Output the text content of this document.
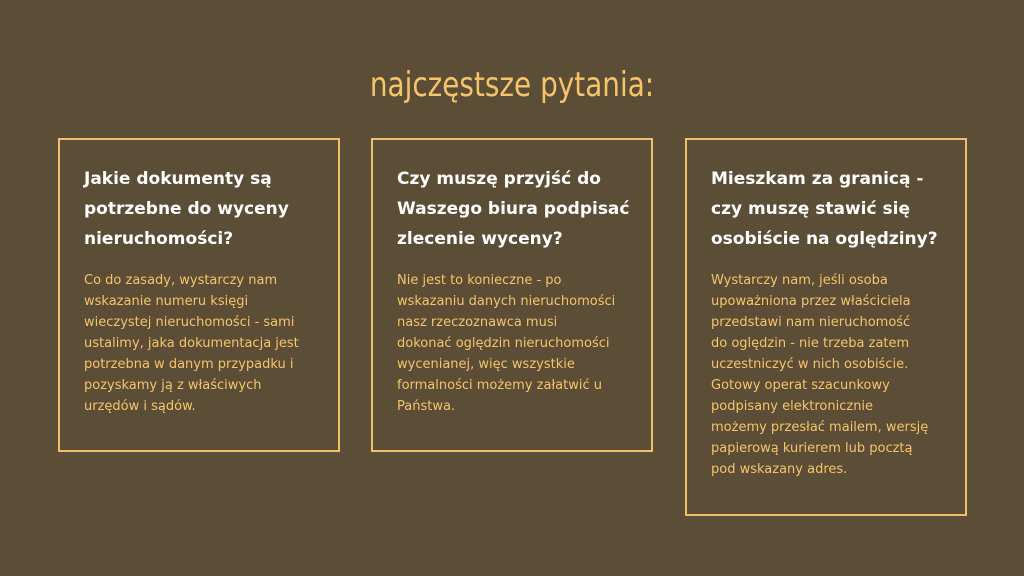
najczęstsze pytania:
Jakie dokumenty są
potrzebne do wyceny
nieruchomości?
Co do zasady, wystarczy nam
wskazanie numeru księgi
wieczystej nieruchomości - sami
ustalimy, jaka dokumentacja jest
potrzebna w danym przypadku i
pozyskamy ją z właściwych
urzędów i sądów.
Czy muszę przyjść do
Waszego biura podpisać
zlecenie wyceny?
Nie jest to konieczne - po
wskazaniu danych nieruchomości
nasz rzeczoznawca musi
dokonać oględzin nieruchomości
wycenianej, więc wszystkie
formalności możemy załatwić u
Państwa.
Mieszkam za granicą -
czy muszę stawić się
osobiście na oględziny?
Wystarczy nam, jeśli osoba
upoważniona przez właściciela
przedstawi nam nieruchomość
do oględzin - nie trzeba zatem
uczestniczyć w nich osobiście.
Gotowy operat szacunkowy
podpisany elektronicznie
możemy przesłać mailem, wersję
papierową kurierem lub pocztą
pod wskazany adres.
